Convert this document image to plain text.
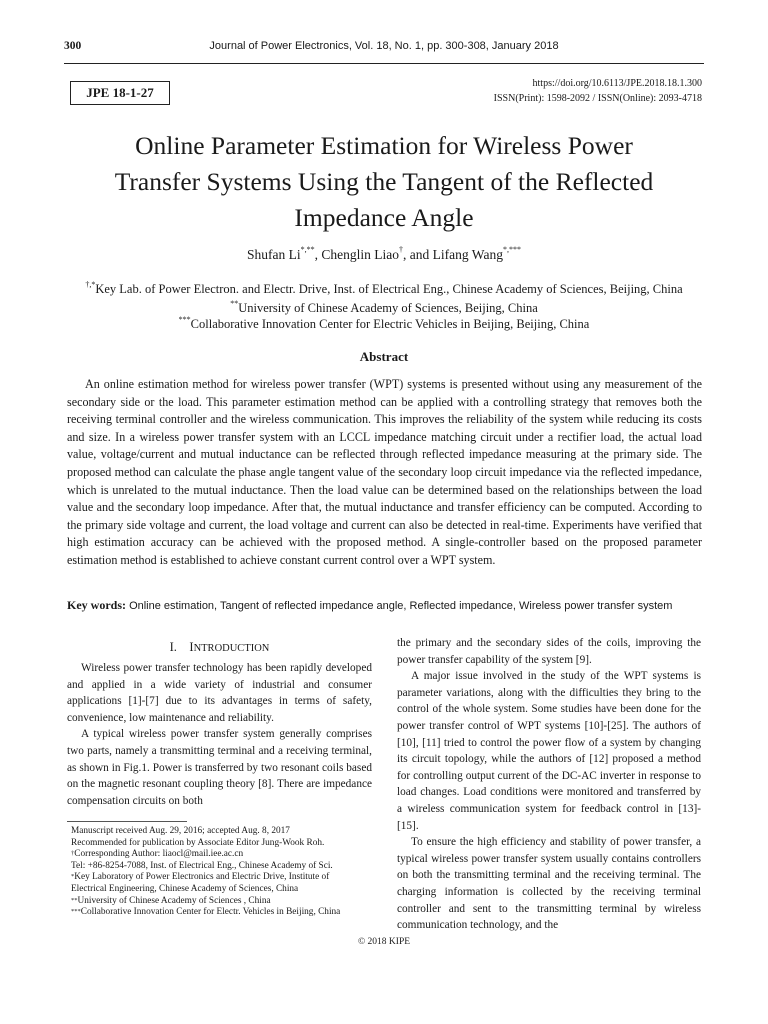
300	Journal of Power Electronics, Vol. 18, No. 1, pp. 300-308, January 2018
JPE 18-1-27
https://doi.org/10.6113/JPE.2018.18.1.300
ISSN(Print): 1598-2092 / ISSN(Online): 2093-4718
Online Parameter Estimation for Wireless Power
Transfer Systems Using the Tangent of the Reflected
Impedance Angle
Shufan Li*,**, Chenglin Liao†, and Lifang Wang*,***
†,*Key Lab. of Power Electron. and Electr. Drive, Inst. of Electrical Eng., Chinese Academy of Sciences, Beijing, China
**University of Chinese Academy of Sciences, Beijing, China
***Collaborative Innovation Center for Electric Vehicles in Beijing, Beijing, China
Abstract

An online estimation method for wireless power transfer (WPT) systems is presented without using any measurement of the secondary side or the load. This parameter estimation method can be applied with a controlling strategy that removes both the receiving terminal controller and the wireless communication. This improves the reliability of the system while reducing its costs and size. In a wireless power transfer system with an LCCL impedance matching circuit under a rectifier load, the actual load value, voltage/current and mutual inductance can be reflected through reflected impedance measuring at the primary side. The proposed method can calculate the phase angle tangent value of the secondary loop circuit impedance via the reflected impedance, which is unrelated to the mutual inductance. Then the load value can be determined based on the relationships between the load value and the secondary loop impedance. After that, the mutual inductance and transfer efficiency can be computed. According to the primary side voltage and current, the load voltage and current can also be detected in real-time. Experiments have verified that high estimation accuracy can be achieved with the proposed method. A single-controller based on the proposed parameter estimation method is established to achieve constant current control over a WPT system.

Key words: Online estimation, Tangent of reflected impedance angle, Reflected impedance, Wireless power transfer system
I. INTRODUCTION

Wireless power transfer technology has been rapidly developed and applied in a wide variety of industrial and consumer applications [1]-[7] due to its advantages in terms of safety, convenience, low maintenance and reliability.

A typical wireless power transfer system generally comprises two parts, namely a transmitting terminal and a receiving terminal, as shown in Fig.1. Power is transferred by two resonant coils based on the magnetic resonant coupling theory [8]. There are impedance compensation circuits on both

Manuscript received Aug. 29, 2016; accepted Aug. 8, 2017
Recommended for publication by Associate Editor Jung-Wook Roh.
†Corresponding Author: liaocl@mail.iee.ac.cn
Tel: +86-8254-7088, Inst. of Electrical Eng., Chinese Academy of Sci.
*Key Laboratory of Power Electronics and Electric Drive, Institute of
Electrical Engineering, Chinese Academy of Sciences, China
**University of Chinese Academy of Sciences , China
***Collaborative Innovation Center for Electr. Vehicles in Beijing, China

the primary and the secondary sides of the coils, improving the power transfer capability of the system [9].

A major issue involved in the study of the WPT systems is parameter variations, along with the difficulties they bring to the control of the whole system. Some studies have been done for the power transfer control of WPT systems [10]-[25]. The authors of [10], [11] tried to control the power flow of a system by changing its circuit topology, while the authors of [12] proposed a method for controlling output current of the DC-AC inverter in response to load changes. Load conditions were monitored and transferred by a wireless communication system for feedback control in [13]-[15].

To ensure the high efficiency and stability of power transfer, a typical wireless power transfer system usually contains controllers on both the transmitting terminal and the receiving terminal. The charging information is collected by the receiving terminal controller and sent to the transmitting terminal by wireless communication technology, and the

© 2018 KIPE
